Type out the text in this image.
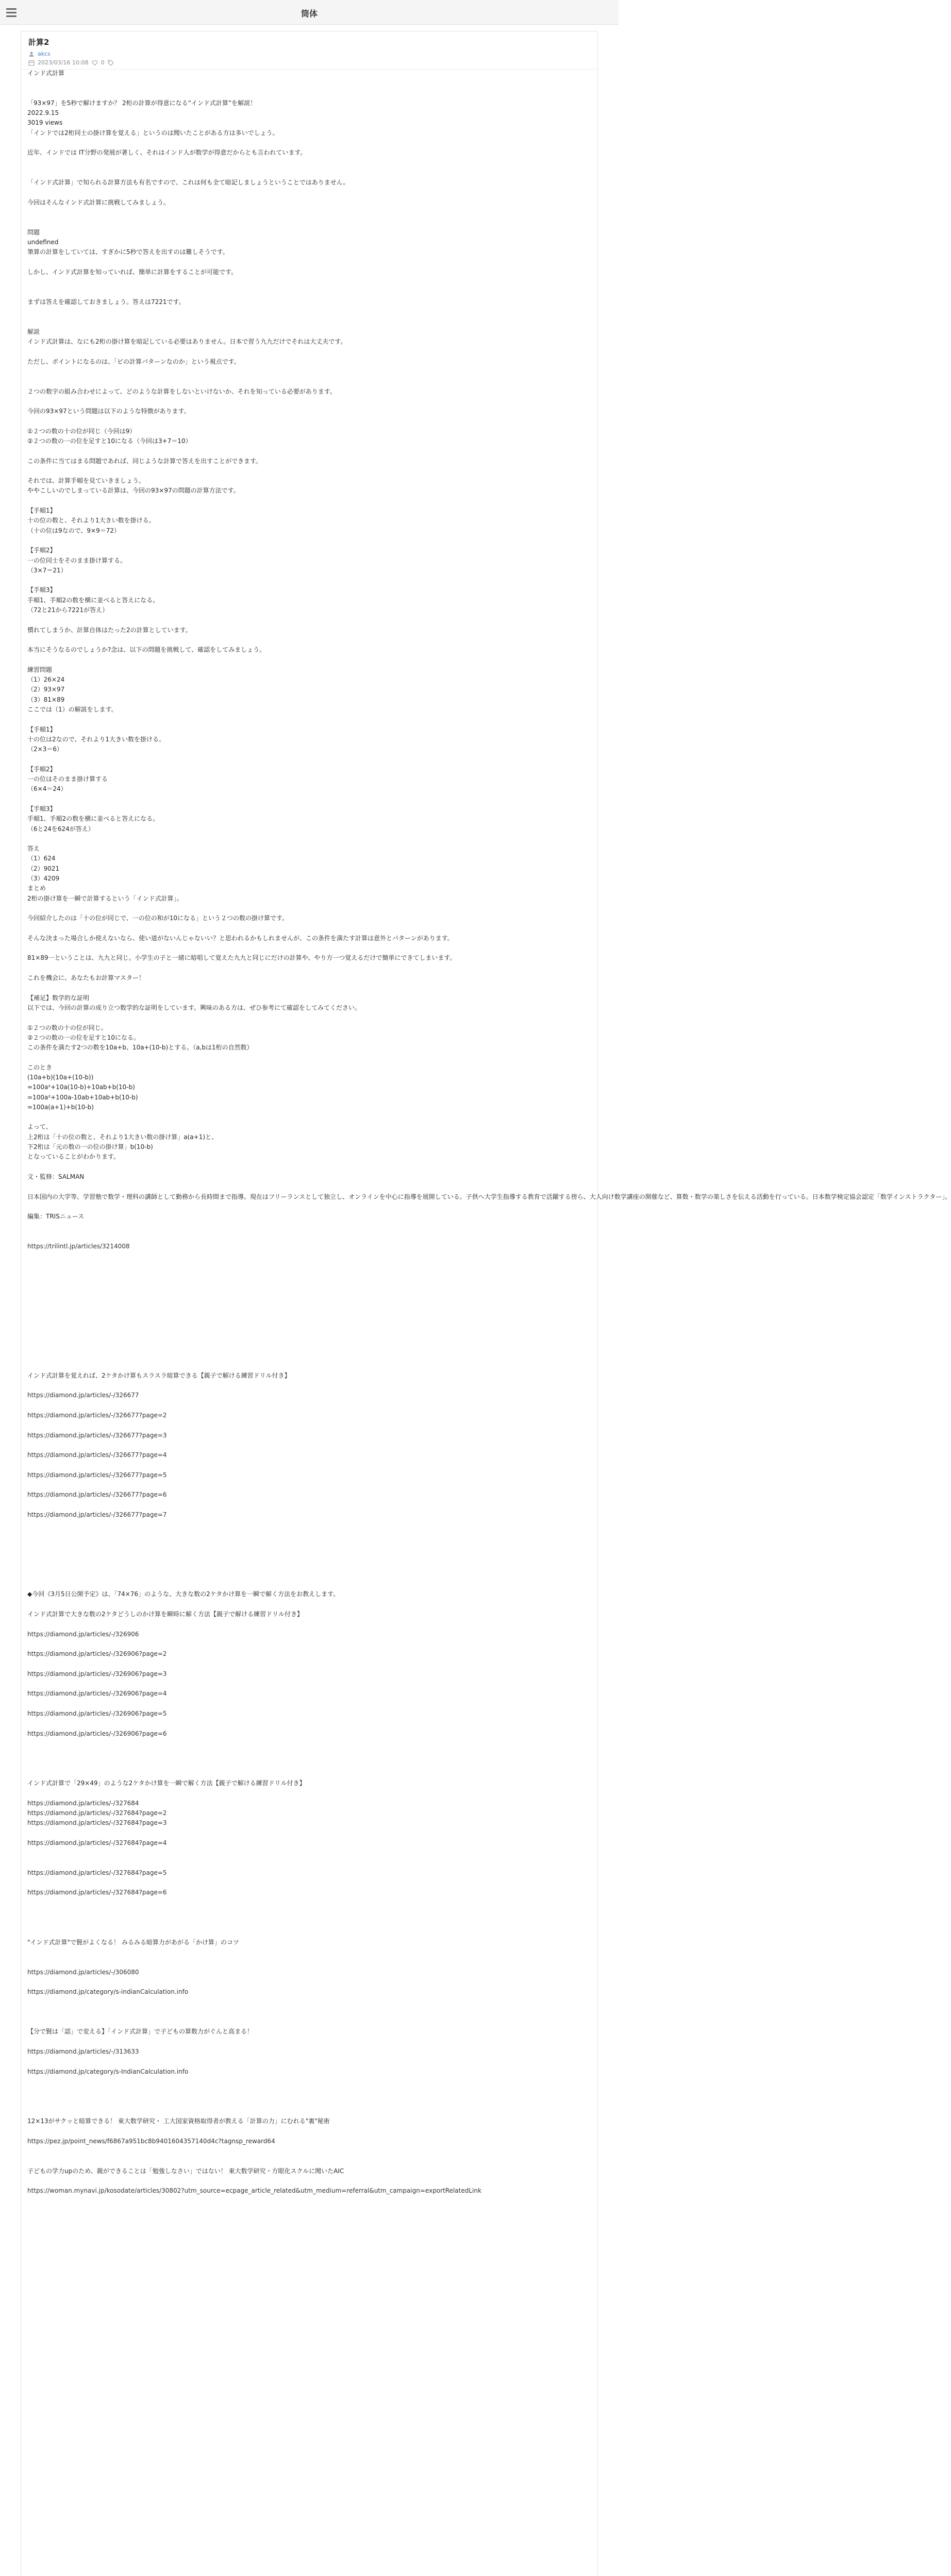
筒体
計算2
akcs
2023/03/16 10:08 0
インド式計算
「93×97」を5秒で解けますか？ 2桁の計算が得意になる“インド式計算”を解説！
2022.9.15
3019 views
「インドでは2桁同士の掛け算を覚える」というのは聞いたことがある方は多いでしょう。
近年、インドでは IT分野の発展が著しく、それはインド人が数学が得意だからとも言われています。
「インド式計算」で知られる計算方法も有名ですので、これは何も全て暗記しましょうということではありません。
今回はそんなインド式計算に挑戦してみましょう。
問題
undefined
筆算の計算をしていては、すぎかに5秒で答えを出すのは難しそうです。
しかし、インド式計算を知っていれば、簡単に計算をすることが可能です。
まずは答えを確認しておきましょう。答えは7221です。
解説
インド式計算は、なにも2桁の掛け算を暗記している必要はありません。日本で習う九九だけでそれは大丈夫です。
ただし、ポイントになるのは、「ビの計算パターンなのか」という視点です。
２つの数字の組み合わせによって、どのような計算をしないといけないか、それを知っている必要があります。
今回の93×97という問題は以下のような特徴があります。
①２つの数の十の位が同じ（今回は9）
②２つの数の一の位を足すと10になる（今回は3+7＝10）
この条件に当てはまる問題であれば、同じような計算で答えを出すことができます。
それでは、計算手順を見ていきましょう。
ややこしいのでしまっている計算は、今回の93×97の問題の計算方法です。
【手順1】
十の位の数と、それより1大きい数を掛ける。
（十の位は9なので、9×9＝72）
【手順2】
一の位同士をそのまま掛け算する。
（3×7＝21）
【手順3】
手順1、手順2の数を横に並べると答えになる。
（72と21から7221が答え）
慣れてしまうか、計算自体はたった2の計算としています。
本当にそうなるのでしょうか?念は、以下の問題を挑戦して、確認をしてみましょう。
練習問題
（1）26×24
（2）93×97
（3）81×89
ここでは（1）の解説をします。
【手順1】
十の位は2なので、それより1大きい数を掛ける。
（2×3＝6）
【手順2】
一の位はそのまま掛け算する
（6×4＝24）
【手順3】
手順1、手順2の数を横に並べると答えになる。
（6と24を624が答え）
答え
（1）624
（2）9021
（3）4209
まとめ
2桁の掛け算を一瞬で計算するという「インド式計算」。
今回紹介したのは「十の位が同じで、一の位の和が10になる」という２つの数の掛け算です。
そんな決まった場合しか使えないなら、使い道がないんじゃないい？と思われるかもしれませんが、この条件を満たす計算は意外とパターンがあります。
81×89一ということは、九九と同じ。小学生の子と一緒に暗唱して覚えた九九と同じにだけの計算や、やり方一つ覚えるだけで簡単にできてしまいます。
これを機会に、あなたもお計算マスター！
【補足】数学的な証明
以下では、今回の計算の成り立つ数学的な証明をしています。興味のある方は、ぜひ参考にて確認をしてみてください。
①２つの数の十の位が同じ。
②２つの数の一の位を足すと10になる。
この条件を満たす2つの数を10a+b、10a+(10-b)とする。（a,bは1桁の自然数）
このとき
(10a+b)(10a+(10-b))
=100a²+10a(10-b)+10ab+b(10-b)
=100a²+100a-10ab+10ab+b(10-b)
=100a(a+1)+b(10-b)
よって、
上2桁は「十の位の数と、それより1大きい数の掛け算」a(a+1)と、
下2桁は「元の数の一の位の掛け算」b(10-b)
となっていることがわかります。
文・監修：SALMAN
日本国内の大学等、学習塾で数学・理科の講師として勤務から長時間まで指導。現在はフリーランスとして独立し、オンラインを中心に指導を展開している。子供へ大学生指導する教育で活躍する傍ら、大人向け数学講座の開催など、算数・数学の楽しさを伝える活動を行っている。日本数学検定協会認定「数学インストラクター」。
編集：TRISニュース
https://trilintl.jp/articles/3214008
インド式計算を覚えれば、2ケタかけ算もスラスラ暗算できる【親子で解ける練習ドリル付き】
https://diamond.jp/articles/-/326677
https://diamond.jp/articles/-/326677?page=2
https://diamond.jp/articles/-/326677?page=3
https://diamond.jp/articles/-/326677?page=4
https://diamond.jp/articles/-/326677?page=5
https://diamond.jp/articles/-/326677?page=6
https://diamond.jp/articles/-/326677?page=7
◆今回《3月5日公開予定》は、「74×76」のような、大きな数の2ケタかけ算を一瞬で解く方法をお教えします。
インド式計算で大きな数の2ケタどうしのかけ算を瞬時に解く方法【親子で解ける練習ドリル付き】
https://diamond.jp/articles/-/326906
https://diamond.jp/articles/-/326906?page=2
https://diamond.jp/articles/-/326906?page=3
https://diamond.jp/articles/-/326906?page=4
https://diamond.jp/articles/-/326906?page=5
https://diamond.jp/articles/-/326906?page=6
インド式計算で「29×49」のような2ケタかけ算を一瞬で解く方法【親子で解ける練習ドリル付き】
https://diamond.jp/articles/-/327684
https://diamond.jp/articles/-/327684?page=2
https://diamond.jp/articles/-/327684?page=3
https://diamond.jp/articles/-/327684?page=4
https://diamond.jp/articles/-/327684?page=5
https://diamond.jp/articles/-/327684?page=6
"インド式計算"で賢がよくなる！ みるみる暗算力があがる「かけ算」のコツ
https://diamond.jp/articles/-/306080
https://diamond.jp/category/s-indianCalculation.info
【分で賢は「認」で変える】「インド式計算」で子どもの算数力がぐんと高まる！
https://diamond.jp/articles/-/313633
https://diamond.jp/category/s-IndianCalculation.info
12×13がサクッと暗算できる！ 東大数学研究・ 工大国家資格取得者が教える「計算の力」にむれる"裏"秘術
https://pez.jp/point_news/f6867a951bc8b9401604357140d4c?tagnsp_reward64
子どもの学力upのため、親ができることは「勉強しなさい」ではない！ 東大数学研究・方眼化スクルに聞いたAIC
https://woman.mynavi.jp/kosodate/articles/30802?utm_source=ecpage_article_related&utm_medium=referral&utm_campaign=exportRelatedLink
